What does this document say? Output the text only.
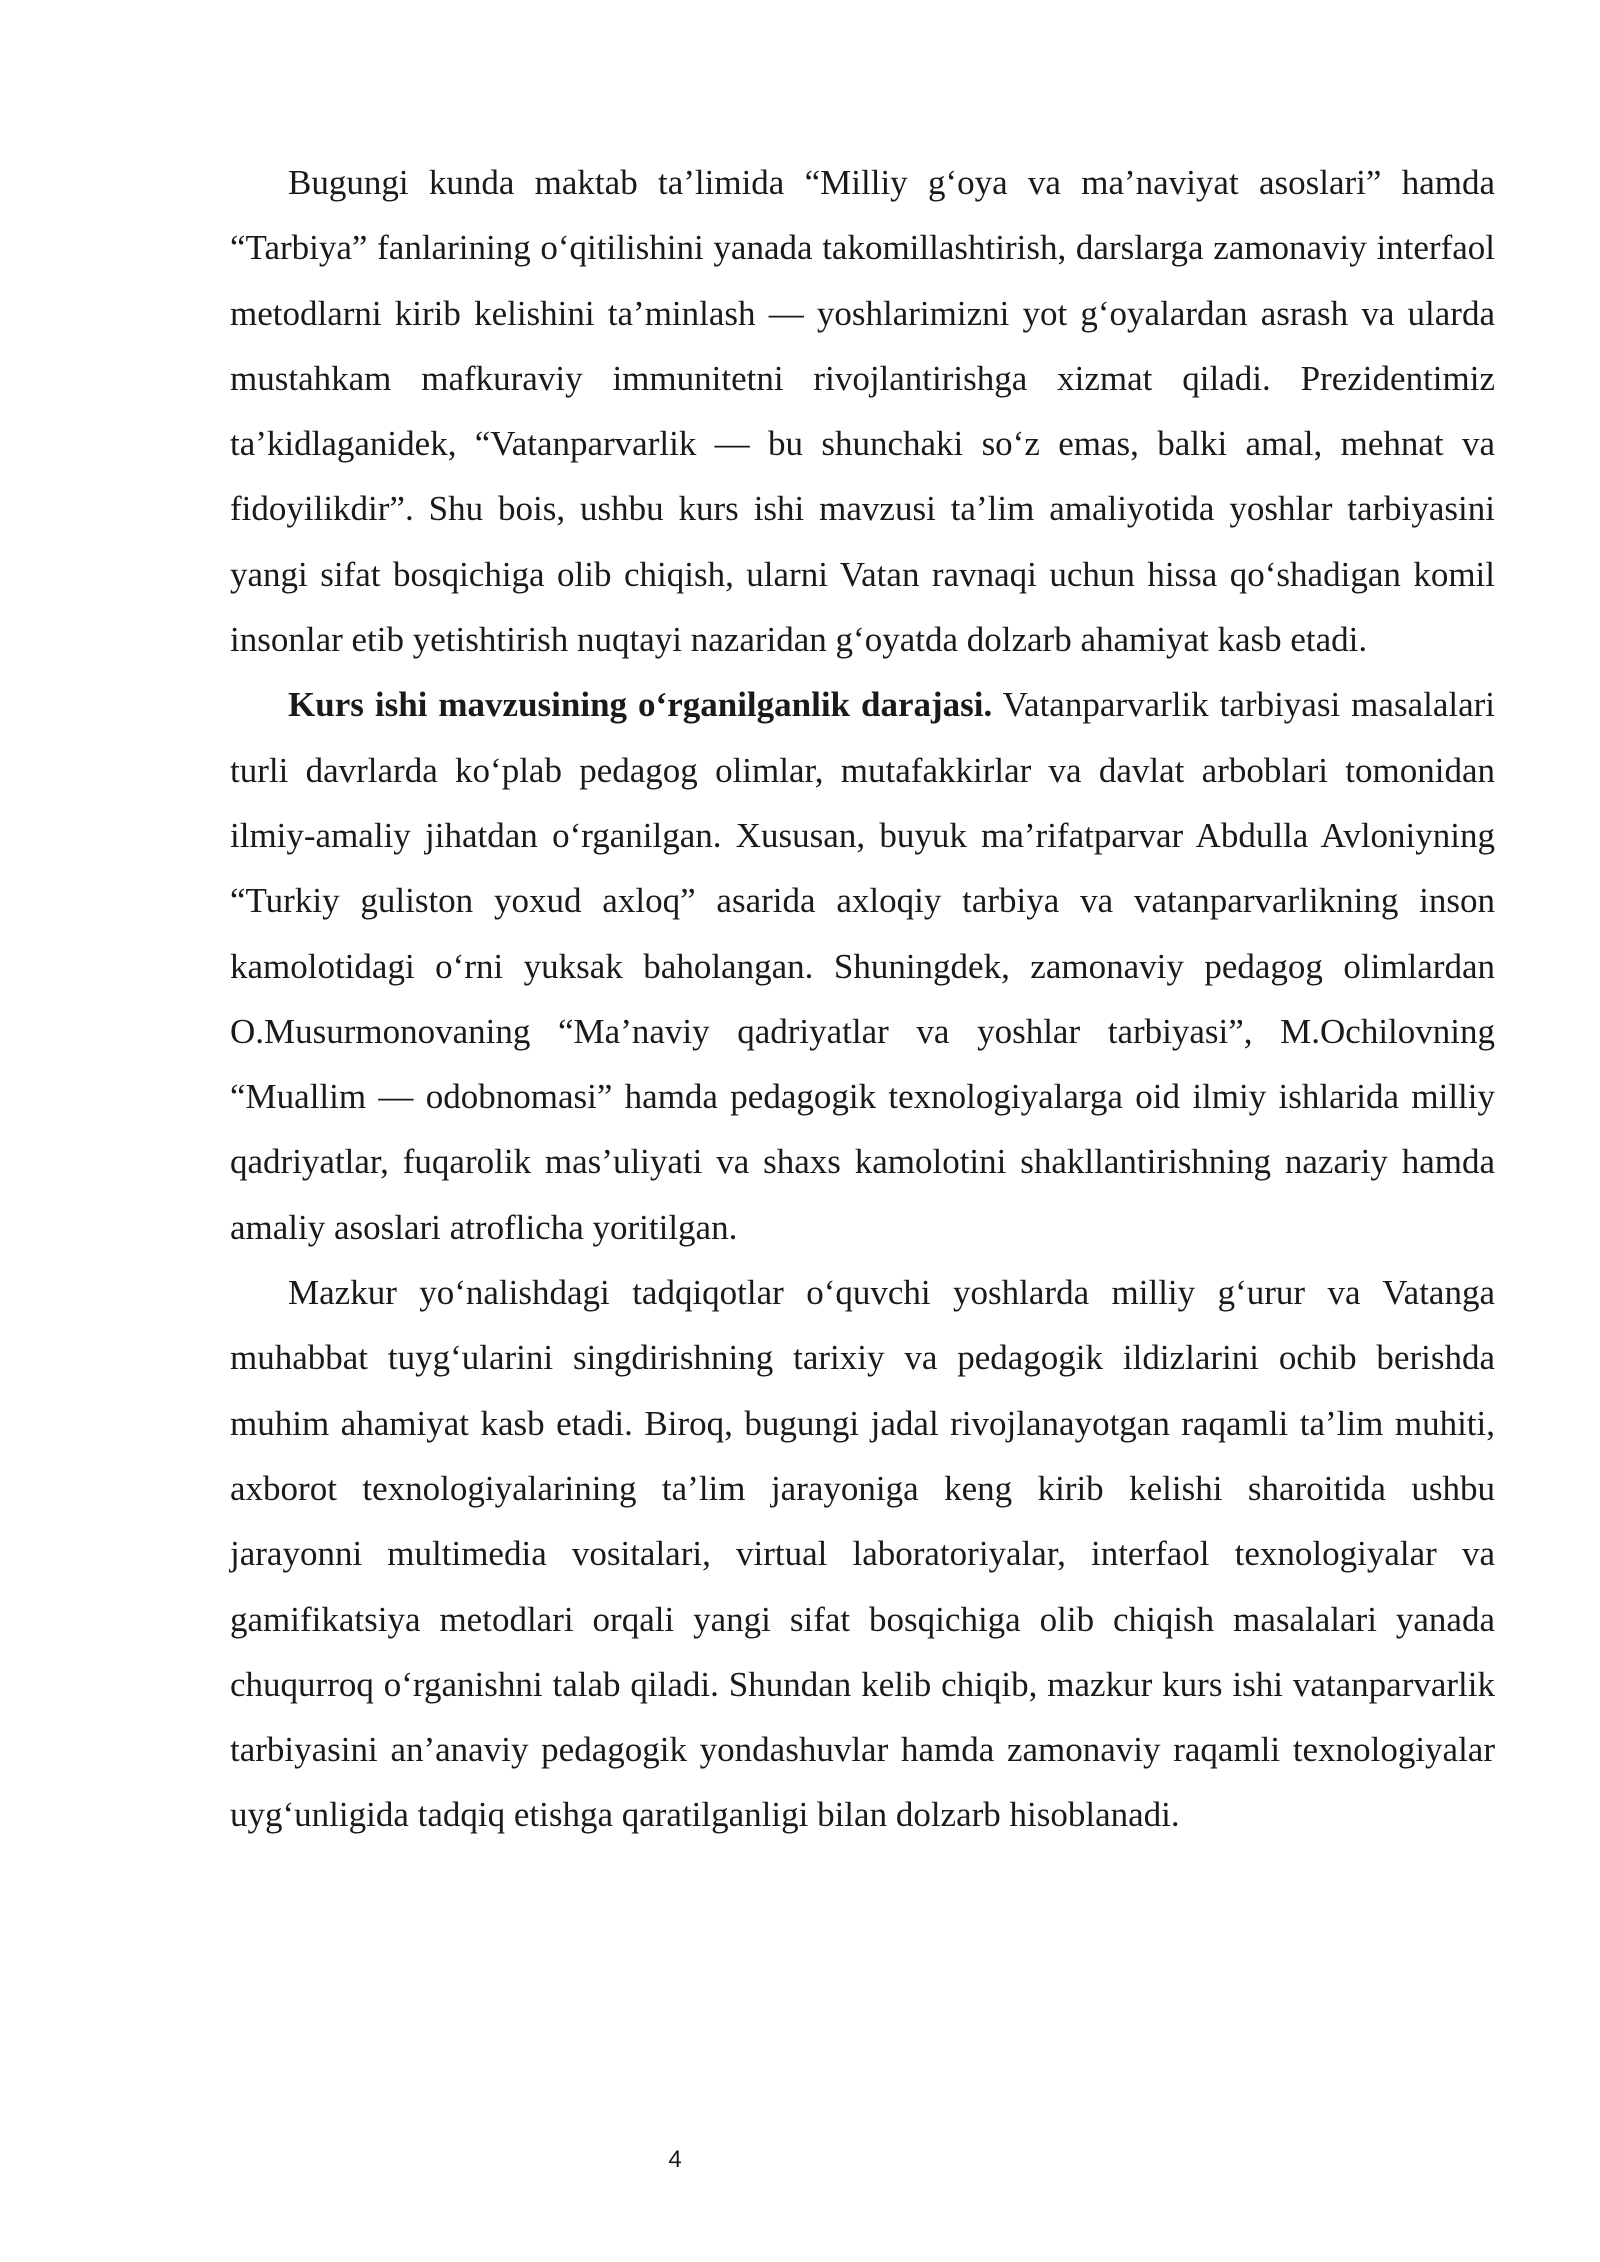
Bugungi kunda maktab ta’limida “Milliy g‘oya va ma’naviyat asoslari” hamda “Tarbiya” fanlarining o‘qitilishini yanada takomillashtirish, darslarga zamonaviy interfaol metodlarni kirib kelishini ta’minlash — yoshlarimizni yot g‘oyalardan asrash va ularda mustahkam mafkuraviy immunitetni rivojlantirishga xizmat qiladi. Prezidentimiz ta’kidlaganidek, “Vatanparvarlik — bu shunchaki so‘z emas, balki amal, mehnat va fidoyilikdir”. Shu bois, ushbu kurs ishi mavzusi ta’lim amaliyotida yoshlar tarbiyasini yangi sifat bosqichiga olib chiqish, ularni Vatan ravnaqi uchun hissa qo‘shadigan komil insonlar etib yetishtirish nuqtayi nazaridan g‘oyatda dolzarb ahamiyat kasb etadi.

Kurs ishi mavzusining o‘rganilganlik darajasi. Vatanparvarlik tarbiyasi masalalari turli davrlarda ko‘plab pedagog olimlar, mutafakkirlar va davlat arboblari tomonidan ilmiy-amaliy jihatdan o‘rganilgan. Xususan, buyuk ma’rifatparvar Abdulla Avloniyning “Turkiy guliston yoxud axloq” asarida axloqiy tarbiya va vatanparvarlikning inson kamolotidagi o‘rni yuksak baholangan. Shuningdek, zamonaviy pedagog olimlardan O.Musurmonovaning “Ma’naviy qadriyatlar va yoshlar tarbiyasi”, M.Ochilovning “Muallim — odobnomasi” hamda pedagogik texnologiyalarga oid ilmiy ishlarida milliy qadriyatlar, fuqarolik mas’uliyati va shaxs kamolotini shakllantirishning nazariy hamda amaliy asoslari atroflicha yoritilgan.

Mazkur yo‘nalishdagi tadqiqotlar o‘quvchi yoshlarda milliy g‘urur va Vatanga muhabbat tuyg‘ularini singdirishning tarixiy va pedagogik ildizlarini ochib berishda muhim ahamiyat kasb etadi. Biroq, bugungi jadal rivojlanayotgan raqamli ta’lim muhiti, axborot texnologiyalarining ta’lim jarayoniga keng kirib kelishi sharoitida ushbu jarayonni multimedia vositalari, virtual laboratoriyalar, interfaol texnologiyalar va gamifikatsiya metodlari orqali yangi sifat bosqichiga olib chiqish masalalari yanada chuqurroq o‘rganishni talab qiladi. Shundan kelib chiqib, mazkur kurs ishi vatanparvarlik tarbiyasini an’anaviy pedagogik yondashuvlar hamda zamonaviy raqamli texnologiyalar uyg‘unligida tadqiq etishga qaratilganligi bilan dolzarb hisoblanadi.

4
